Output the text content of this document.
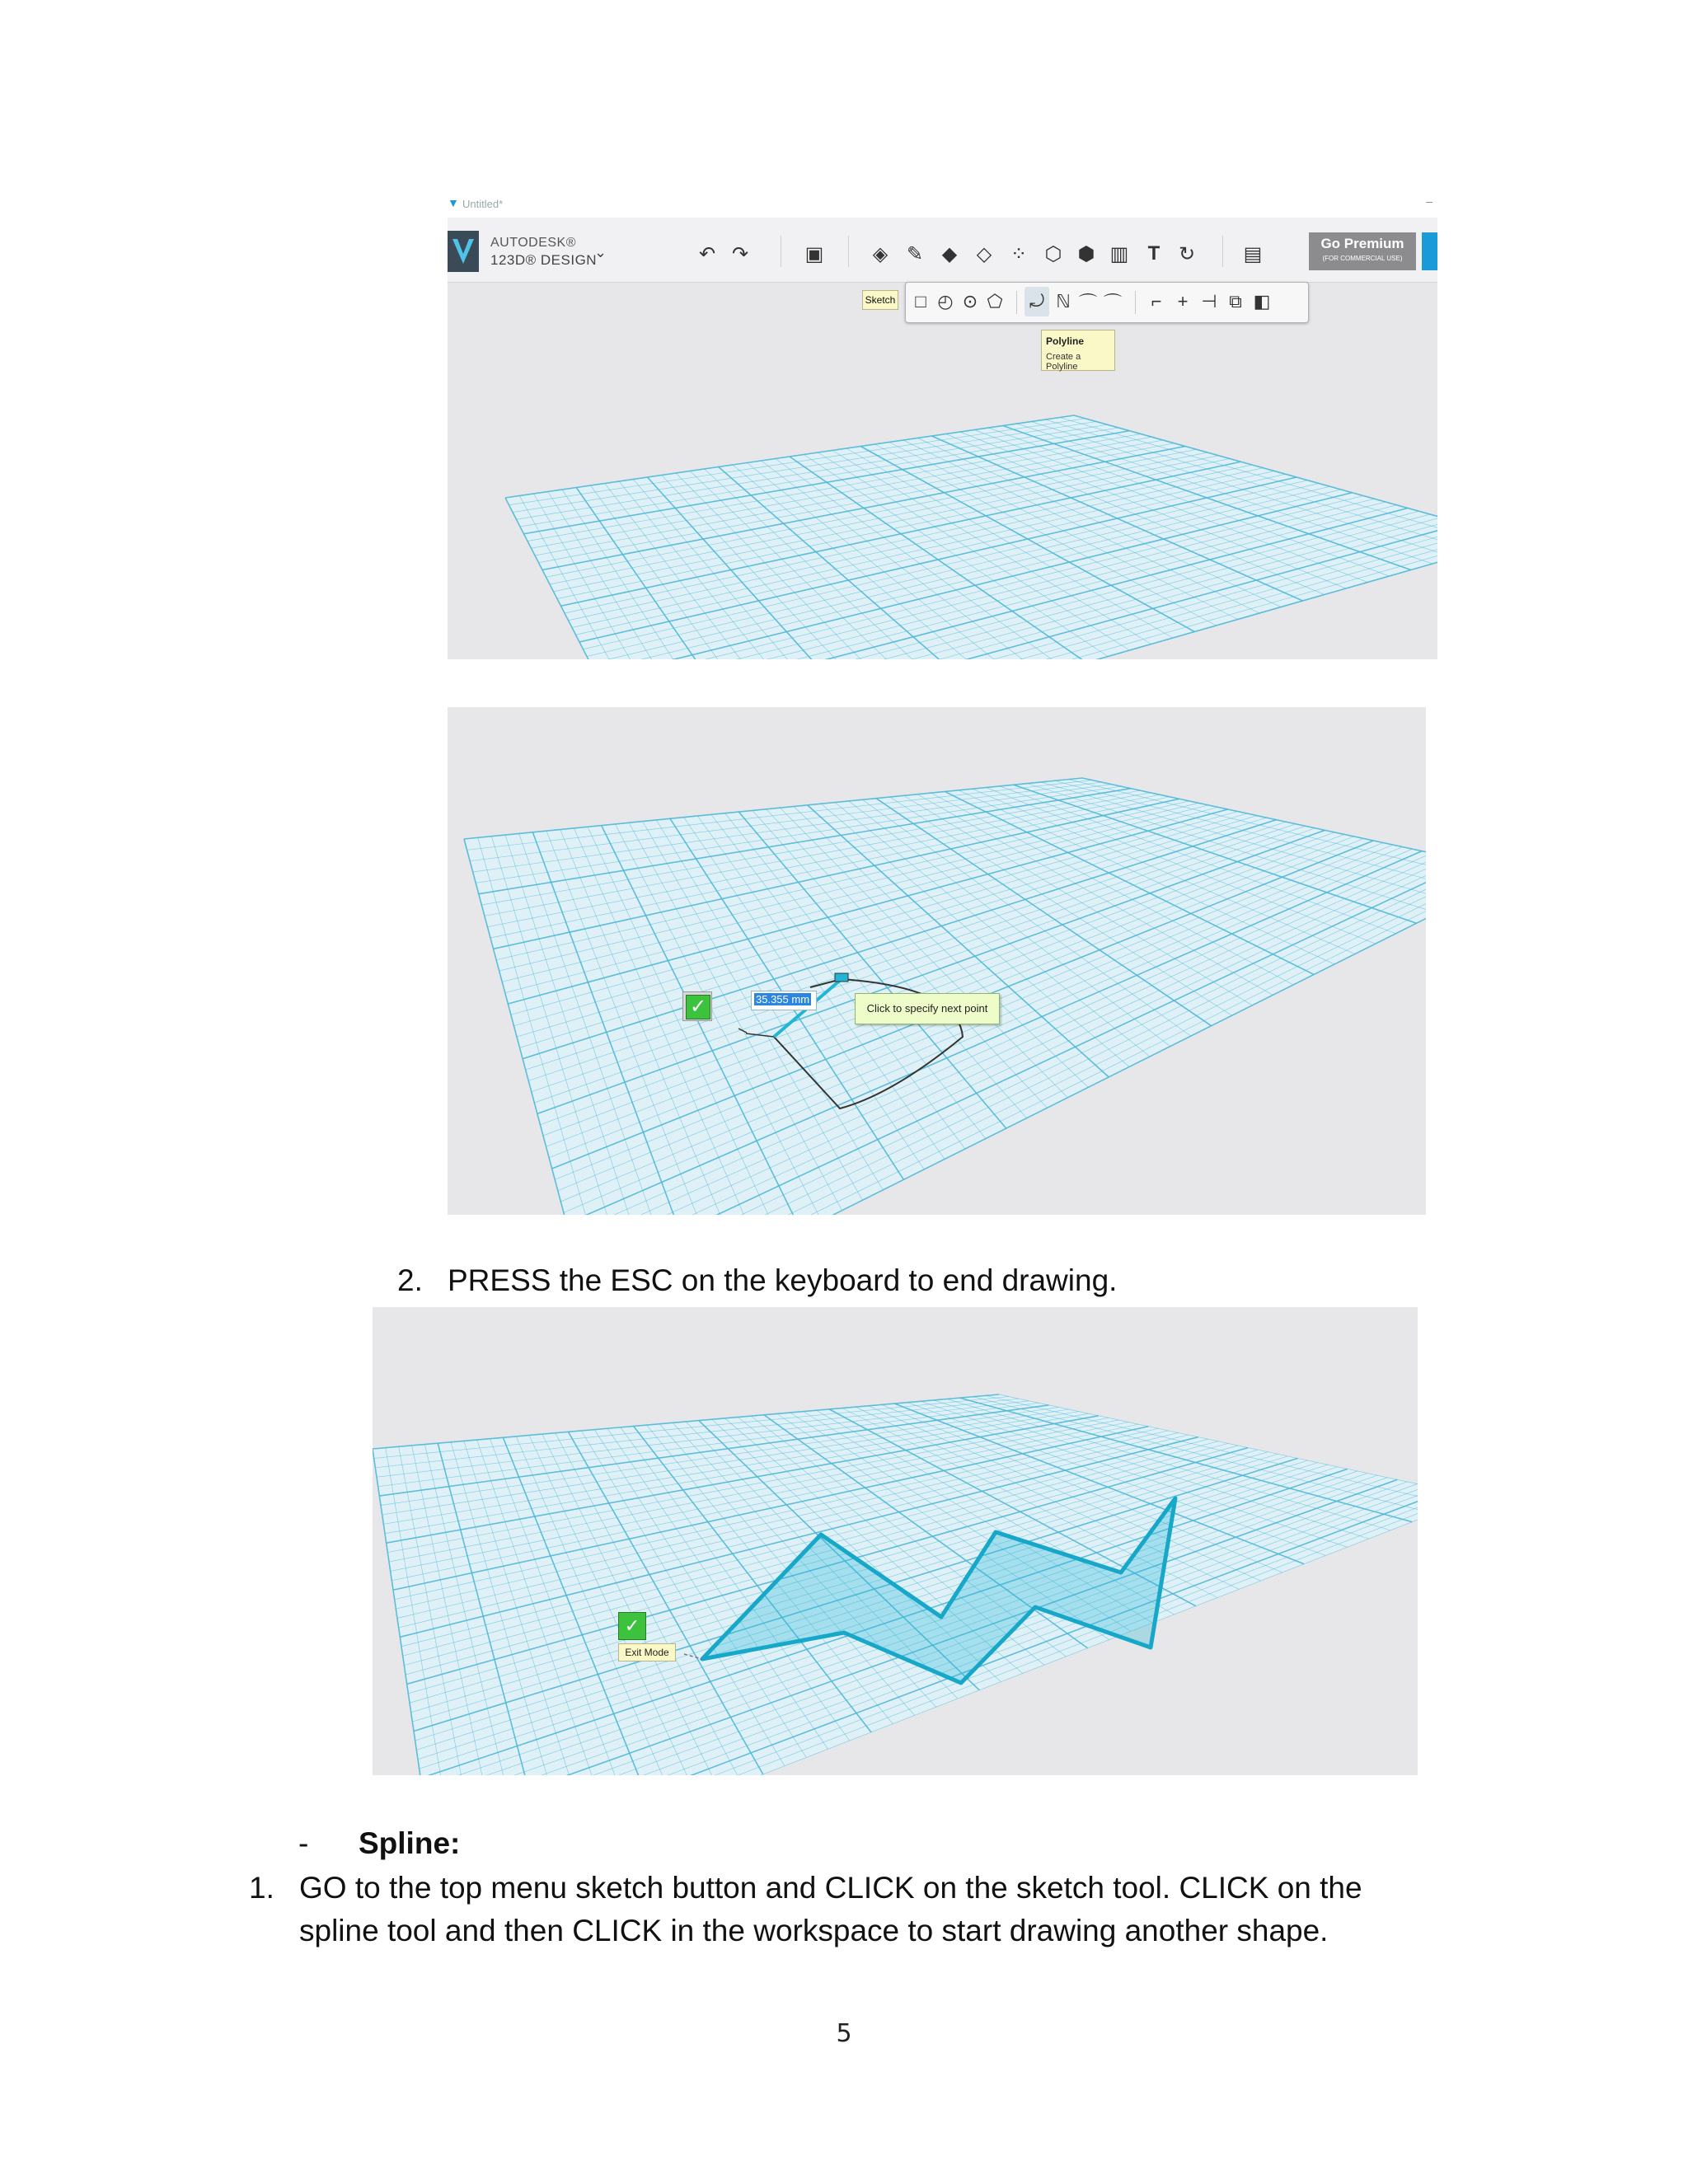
▼ Untitled*	–
AUTODESK®
123D® DESIGN
⌄	↶ ↷	▣ ◈ ✎ ◆ ◇ ⁘ ⬡ ⬢ ▥ T ↻ ▤	Go Premium
(FOR COMMERCIAL USE)
Sketch	□ ◴ ⊙ ⬠ ⤾ ℕ ⌒ ⌒	⌐ + ⊣ ⧉ ◧
Polyline
Create a Polyline
✓	35.355 mm
Click to specify next point
2. PRESS the ESC on the keyboard to end drawing.
✓
Exit Mode
- Spline:
1. GO to the top menu sketch button and CLICK on the sketch tool. CLICK on the
spline tool and then CLICK in the workspace to start drawing another shape.
5
